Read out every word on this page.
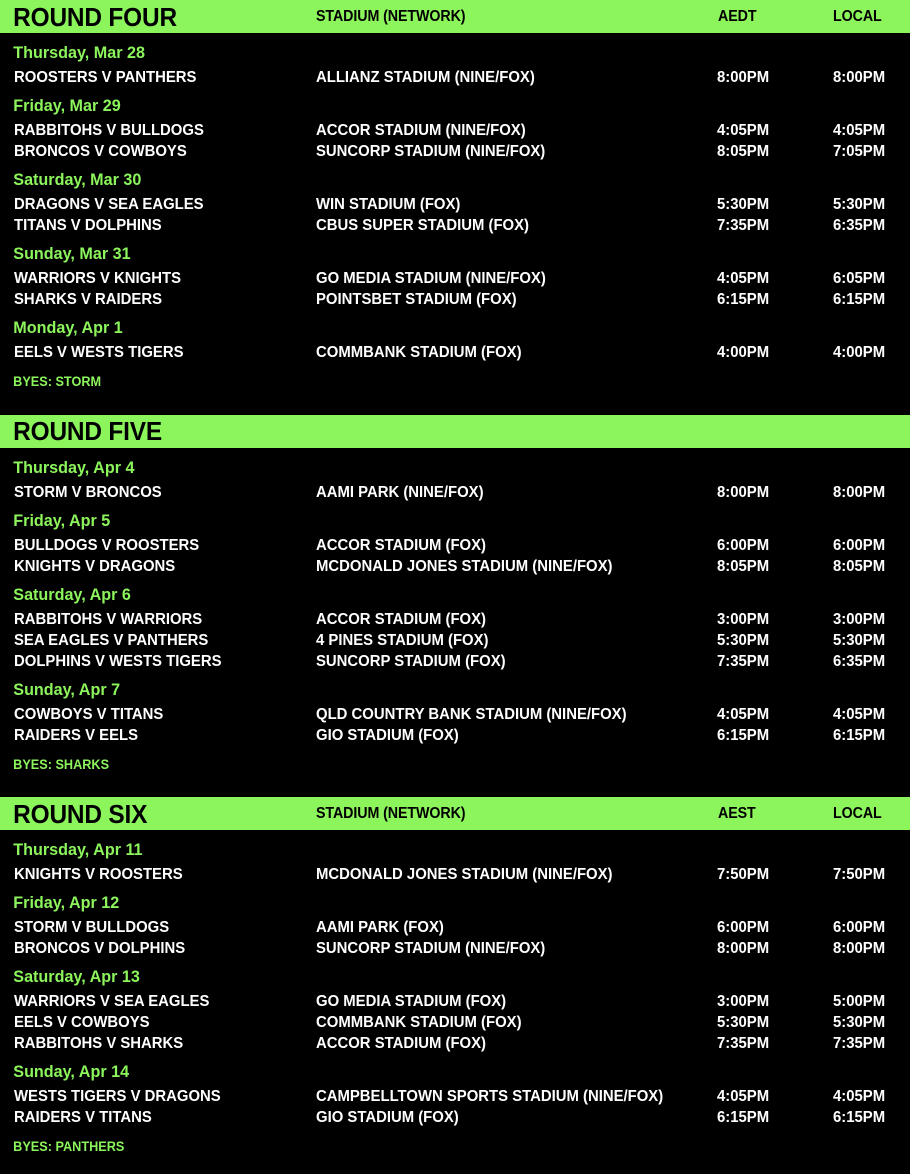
ROUND FOUR	STADIUM (NETWORK)	AEDT	LOCAL
Thursday, Mar 28
ROOSTERS V PANTHERS	ALLIANZ STADIUM (NINE/FOX)	8:00PM	8:00PM
Friday, Mar 29
RABBITOHS V BULLDOGS	ACCOR STADIUM (NINE/FOX)	4:05PM	4:05PM
BRONCOS V COWBOYS	SUNCORP STADIUM (NINE/FOX)	8:05PM	7:05PM
Saturday, Mar 30
DRAGONS V SEA EAGLES	WIN STADIUM (FOX)	5:30PM	5:30PM
TITANS V DOLPHINS	CBUS SUPER STADIUM (FOX)	7:35PM	6:35PM
Sunday, Mar 31
WARRIORS V KNIGHTS	GO MEDIA STADIUM (NINE/FOX)	4:05PM	6:05PM
SHARKS V RAIDERS	POINTSBET STADIUM (FOX)	6:15PM	6:15PM
Monday, Apr 1
EELS V WESTS TIGERS	COMMBANK STADIUM (FOX)	4:00PM	4:00PM
BYES: STORM
ROUND FIVE
Thursday, Apr 4
STORM V BRONCOS	AAMI PARK (NINE/FOX)	8:00PM	8:00PM
Friday, Apr 5
BULLDOGS V ROOSTERS	ACCOR STADIUM (FOX)	6:00PM	6:00PM
KNIGHTS V DRAGONS	MCDONALD JONES STADIUM (NINE/FOX)	8:05PM	8:05PM
Saturday, Apr 6
RABBITOHS V WARRIORS	ACCOR STADIUM (FOX)	3:00PM	3:00PM
SEA EAGLES V PANTHERS	4 PINES STADIUM (FOX)	5:30PM	5:30PM
DOLPHINS V WESTS TIGERS	SUNCORP STADIUM (FOX)	7:35PM	6:35PM
Sunday, Apr 7
COWBOYS V TITANS	QLD COUNTRY BANK STADIUM (NINE/FOX)	4:05PM	4:05PM
RAIDERS V EELS	GIO STADIUM (FOX)	6:15PM	6:15PM
BYES: SHARKS
ROUND SIX	STADIUM (NETWORK)	AEST	LOCAL
Thursday, Apr 11
KNIGHTS V ROOSTERS	MCDONALD JONES STADIUM (NINE/FOX)	7:50PM	7:50PM
Friday, Apr 12
STORM V BULLDOGS	AAMI PARK (FOX)	6:00PM	6:00PM
BRONCOS V DOLPHINS	SUNCORP STADIUM (NINE/FOX)	8:00PM	8:00PM
Saturday, Apr 13
WARRIORS V SEA EAGLES	GO MEDIA STADIUM (FOX)	3:00PM	5:00PM
EELS V COWBOYS	COMMBANK STADIUM (FOX)	5:30PM	5:30PM
RABBITOHS V SHARKS	ACCOR STADIUM (FOX)	7:35PM	7:35PM
Sunday, Apr 14
WESTS TIGERS V DRAGONS	CAMPBELLTOWN SPORTS STADIUM (NINE/FOX)	4:05PM	4:05PM
RAIDERS V TITANS	GIO STADIUM (FOX)	6:15PM	6:15PM
BYES: PANTHERS
